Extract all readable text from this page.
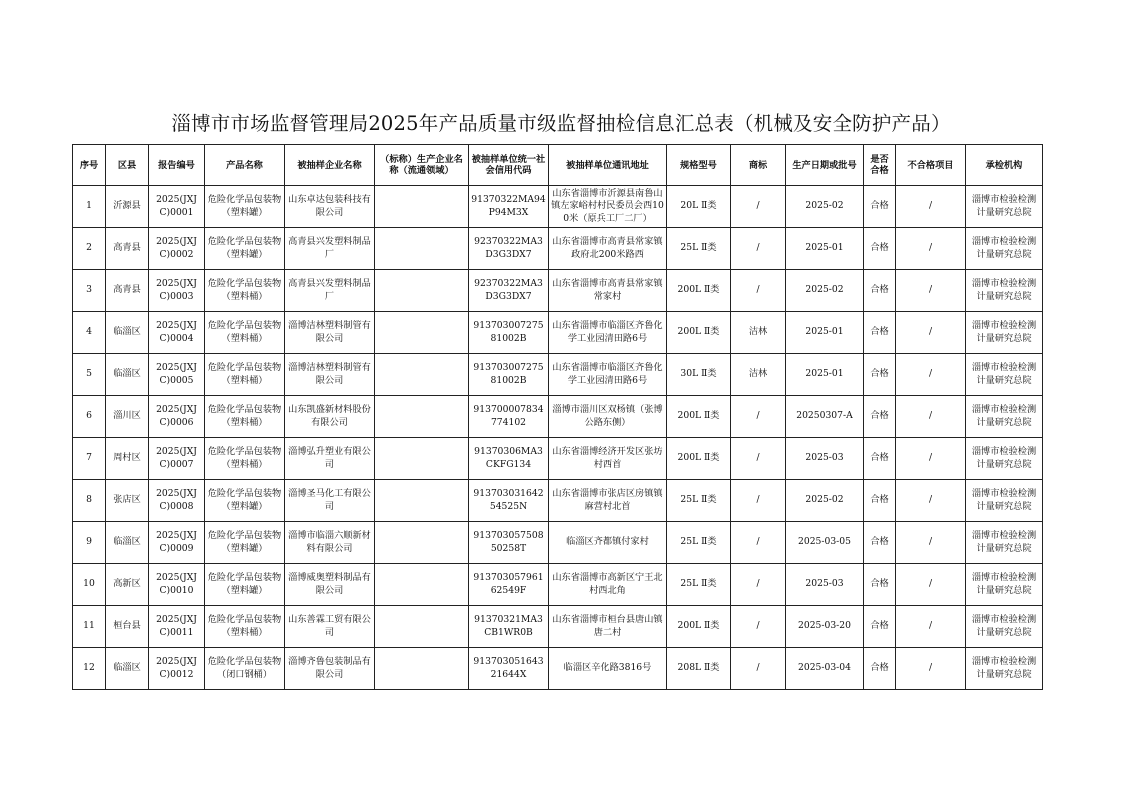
淄博市市场监督管理局2025年产品质量市级监督抽检信息汇总表（机械及安全防护产品）
序号	区县	报告编号	产品名称	被抽样企业名称	（标称）生产企业名称（流通领域）	被抽样单位统一社会信用代码	被抽样单位通讯地址	规格型号	商标	生产日期或批号	是否合格	不合格项目	承检机构
1	沂源县	2025(JXJC)0001	危险化学品包装物（塑料罐）	山东卓达包装科技有限公司		91370322MA94P94M3X	山东省淄博市沂源县南鲁山镇左家峪村村民委员会西100米（原兵工厂二厂）	20L Ⅱ类	/	2025-02	合格	/	淄博市检验检测计量研究总院
2	高青县	2025(JXJC)0002	危险化学品包装物（塑料罐）	高青县兴发塑料制品厂		92370322MA3D3G3DX7	山东省淄博市高青县常家镇政府北200米路西	25L Ⅱ类	/	2025-01	合格	/	淄博市检验检测计量研究总院
3	高青县	2025(JXJC)0003	危险化学品包装物（塑料桶）	高青县兴发塑料制品厂		92370322MA3D3G3DX7	山东省淄博市高青县常家镇常家村	200L Ⅱ类	/	2025-02	合格	/	淄博市检验检测计量研究总院
4	临淄区	2025(JXJC)0004	危险化学品包装物（塑料桶）	淄博洁林塑料制管有限公司		91370300727581002B	山东省淄博市临淄区齐鲁化学工业园清田路6号	200L Ⅱ类	洁林	2025-01	合格	/	淄博市检验检测计量研究总院
5	临淄区	2025(JXJC)0005	危险化学品包装物（塑料桶）	淄博洁林塑料制管有限公司		91370300727581002B	山东省淄博市临淄区齐鲁化学工业园清田路6号	30L Ⅱ类	洁林	2025-01	合格	/	淄博市检验检测计量研究总院
6	淄川区	2025(JXJC)0006	危险化学品包装物（塑料桶）	山东凯盛新材料股份有限公司		913700007834774102	淄博市淄川区双杨镇（张博公路东侧）	200L Ⅱ类	/	20250307-A	合格	/	淄博市检验检测计量研究总院
7	周村区	2025(JXJC)0007	危险化学品包装物（塑料桶）	淄博弘升塑业有限公司		91370306MA3CKFG134	山东省淄博经济开发区张坊村西首	200L Ⅱ类	/	2025-03	合格	/	淄博市检验检测计量研究总院
8	张店区	2025(JXJC)0008	危险化学品包装物（塑料罐）	淄博圣马化工有限公司		91370303164254525N	山东省淄博市张店区房镇镇麻营村北首	25L Ⅱ类	/	2025-02	合格	/	淄博市检验检测计量研究总院
9	临淄区	2025(JXJC)0009	危险化学品包装物（塑料罐）	淄博市临淄六顺新材料有限公司		91370305750850258T	临淄区齐都镇付家村	25L Ⅱ类	/	2025-03-05	合格	/	淄博市检验检测计量研究总院
10	高新区	2025(JXJC)0010	危险化学品包装物（塑料罐）	淄博威奥塑料制品有限公司		91370305796162549F	山东省淄博市高新区宁王北村西北角	25L Ⅱ类	/	2025-03	合格	/	淄博市检验检测计量研究总院
11	桓台县	2025(JXJC)0011	危险化学品包装物（塑料桶）	山东善霖工贸有限公司		91370321MA3CB1WR0B	山东省淄博市桓台县唐山镇唐二村	200L Ⅱ类	/	2025-03-20	合格	/	淄博市检验检测计量研究总院
12	临淄区	2025(JXJC)0012	危险化学品包装物（闭口钢桶）	淄博齐鲁包装制品有限公司		91370305164321644X	临淄区辛化路3816号	208L Ⅱ类	/	2025-03-04	合格	/	淄博市检验检测计量研究总院
